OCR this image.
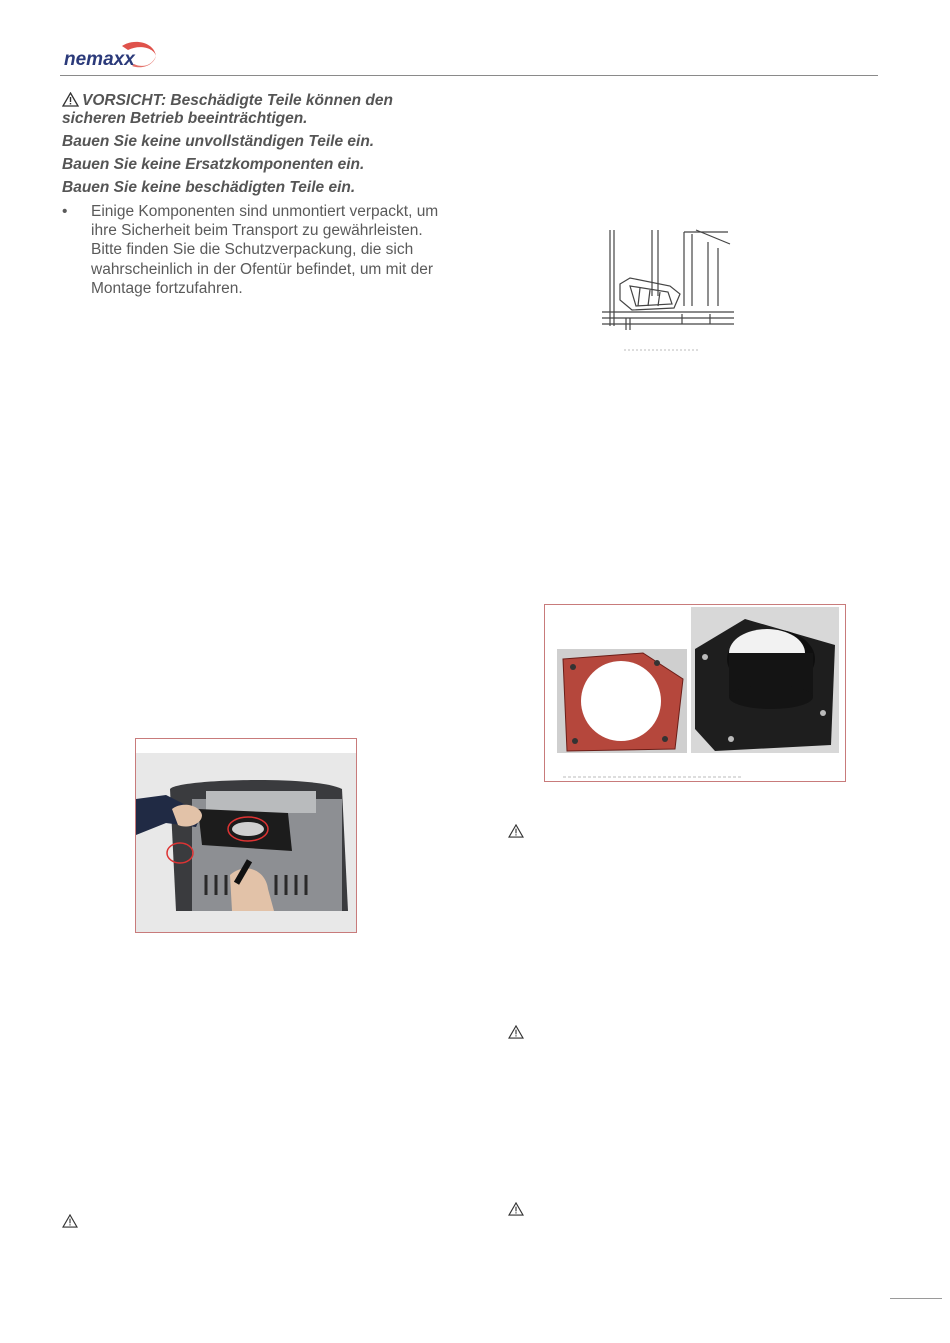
nemaxx

VORSICHT: Beschädigte Teile können den sicheren Betrieb beeinträchtigen.

Bauen Sie keine unvollständigen Teile ein.

Bauen Sie keine Ersatzkomponenten ein.

Bauen Sie keine beschädigten Teile ein.

• Einige Komponenten sind unmontiert verpackt, um ihre Sicherheit beim Transport zu gewährleisten. Bitte finden Sie die Schutzverpackung, die sich wahrscheinlich in der Ofentür befindet, um mit der Montage fortzufahren.
